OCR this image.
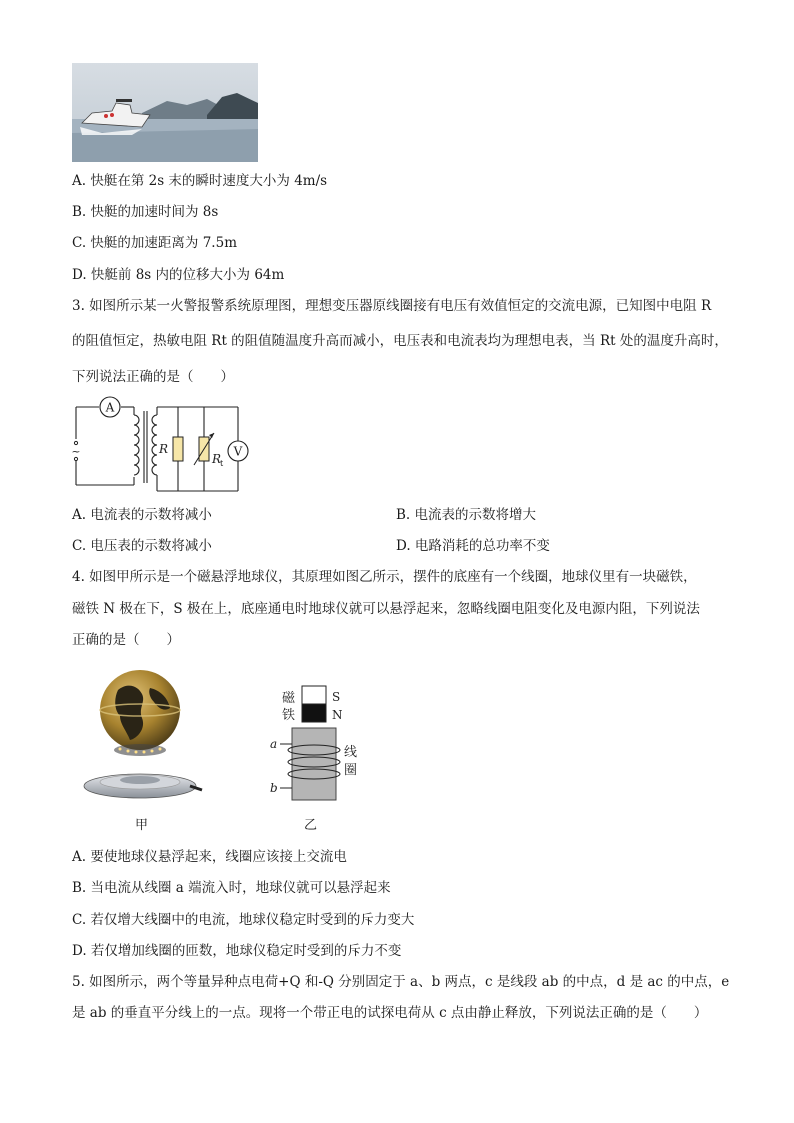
A. 快艇在第 2s 末的瞬时速度大小为 4m/s
B. 快艇的加速时间为 8s
C. 快艇的加速距离为 7.5m
D. 快艇前 8s 内的位移大小为 64m
3. 如图所示某一火警报警系统原理图，理想变压器原线圈接有电压有效值恒定的交流电源，已知图中电阻 R
的阻值恒定，热敏电阻 Rt 的阻值随温度升高而减小，电压表和电流表均为理想电表，当 Rt 处的温度升高时，
下列说法正确的是（　　）
~
A
R
R
t
V
A. 电流表的示数将减小	B. 电流表的示数将增大
C. 电压表的示数将减小	D. 电路消耗的总功率不变
4. 如图甲所示是一个磁悬浮地球仪，其原理如图乙所示，摆件的底座有一个线圈，地球仪里有一块磁铁，
磁铁 N 极在下，S 极在上，底座通电时地球仪就可以悬浮起来，忽略线圈电阻变化及电源内阻，下列说法
正确的是（　　）
甲
磁
铁
S
N
a
b
线
圈
乙
A. 要使地球仪悬浮起来，线圈应该接上交流电
B. 当电流从线圈 a 端流入时，地球仪就可以悬浮起来
C. 若仅增大线圈中的电流，地球仪稳定时受到的斥力变大
D. 若仅增加线圈的匝数，地球仪稳定时受到的斥力不变
5. 如图所示，两个等量异种点电荷+Q 和-Q 分别固定于 a、b 两点，c 是线段 ab 的中点，d 是 ac 的中点，e
是 ab 的垂直平分线上的一点。现将一个带正电的试探电荷从 c 点由静止释放，下列说法正确的是（　　）
